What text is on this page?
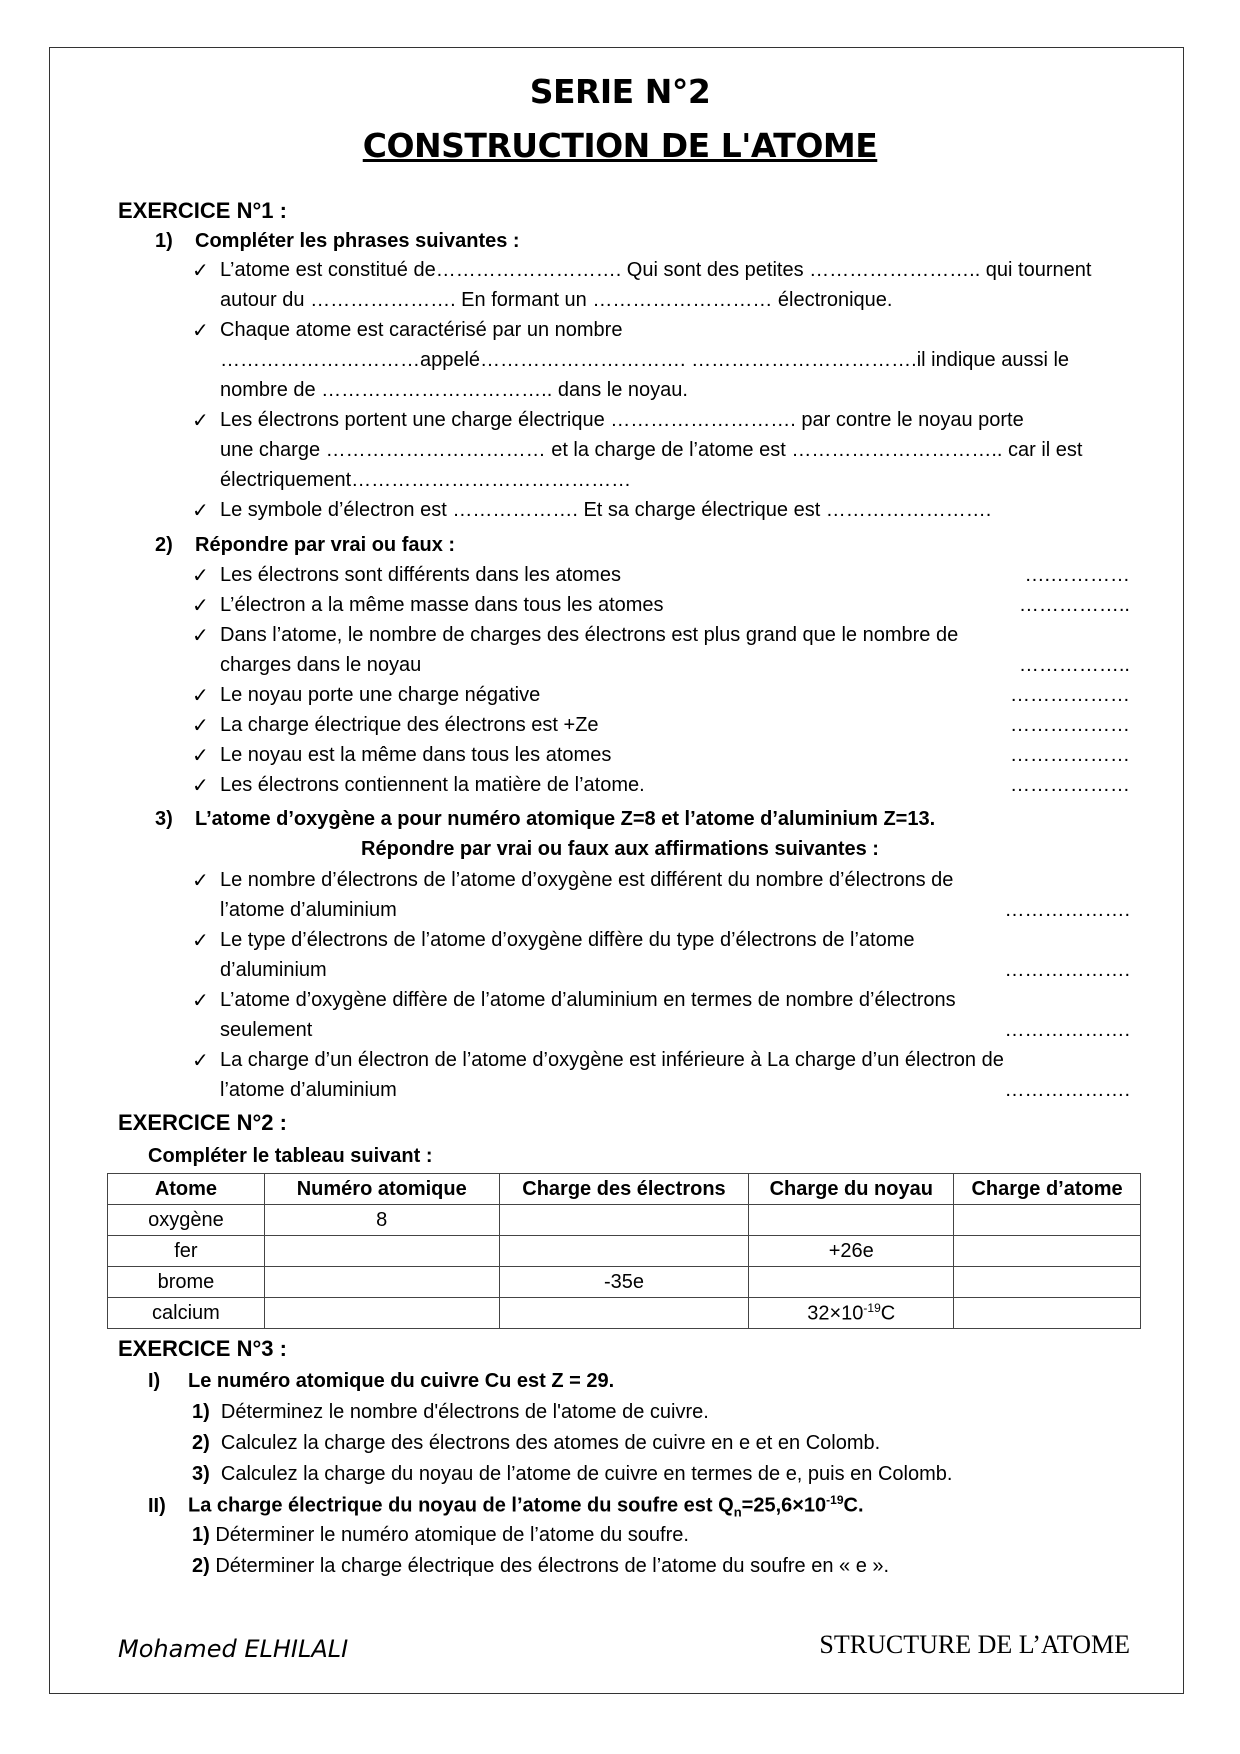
SERIE N°2
CONSTRUCTION DE L'ATOME
EXERCICE N°1 :
1) Compléter les phrases suivantes :
✓ L’atome est constitué de………………………. Qui sont des petites …………………….. qui tournent
autour du …………………. En formant un ……………………… électronique.
✓ Chaque atome est caractérisé par un nombre
…………………………appelé…………………………. …………………………….il indique aussi le
nombre de …………………………….. dans le noyau.
✓ Les électrons portent une charge électrique ………………………. par contre le noyau porte
une charge …………………………… et la charge de l’atome est ………………………….. car il est
électriquement……………………………………
✓ Le symbole d’électron est ………………. Et sa charge électrique est …………………….
2) Répondre par vrai ou faux :
✓ Les électrons sont différents dans les atomes	….…………
✓ L’électron a la même masse dans tous les atomes	……………..
✓ Dans l’atome, le nombre de charges des électrons est plus grand que le nombre de
charges dans le noyau	……………..
✓ Le noyau porte une charge négative	………………
✓ La charge électrique des électrons est +Ze	………………
✓ Le noyau est la même dans tous les atomes	………………
✓ Les électrons contiennent la matière de l’atome.	………………
3) L’atome d’oxygène a pour numéro atomique Z=8 et l’atome d’aluminium Z=13.
Répondre par vrai ou faux aux affirmations suivantes :
✓ Le nombre d’électrons de l’atome d’oxygène est différent du nombre d’électrons de
l’atome d’aluminium	……………….
✓ Le type d’électrons de l’atome d’oxygène diffère du type d’électrons de l’atome
d’aluminium	……………….
✓ L’atome d’oxygène diffère de l’atome d’aluminium en termes de nombre d’électrons
seulement	……………….
✓ La charge d’un électron de l’atome d’oxygène est inférieure à La charge d’un électron de
l’atome d’aluminium	……………….
EXERCICE N°2 :
Compléter le tableau suivant :
Atome	Numéro atomique	Charge des électrons	Charge du noyau	Charge d’atome
oxygène	8			
fer			+26e	
brome		-35e		
calcium			$32\times 10^{-19}C$	
EXERCICE N°3 :
I) Le numéro atomique du cuivre Cu est Z = 29.
1) Déterminez le nombre d'électrons de l'atome de cuivre.
2) Calculez la charge des électrons des atomes de cuivre en e et en Colomb.
3) Calculez la charge du noyau de l’atome de cuivre en termes de e, puis en Colomb.
II) La charge électrique du noyau de l’atome du soufre est $Q_n=25,6\times 10^{-19}C$.
1) Déterminer le numéro atomique de l’atome du soufre.
2) Déterminer la charge électrique des électrons de l’atome du soufre en « e ».
Mohamed ELHILALI	STRUCTURE DE L’ATOME
